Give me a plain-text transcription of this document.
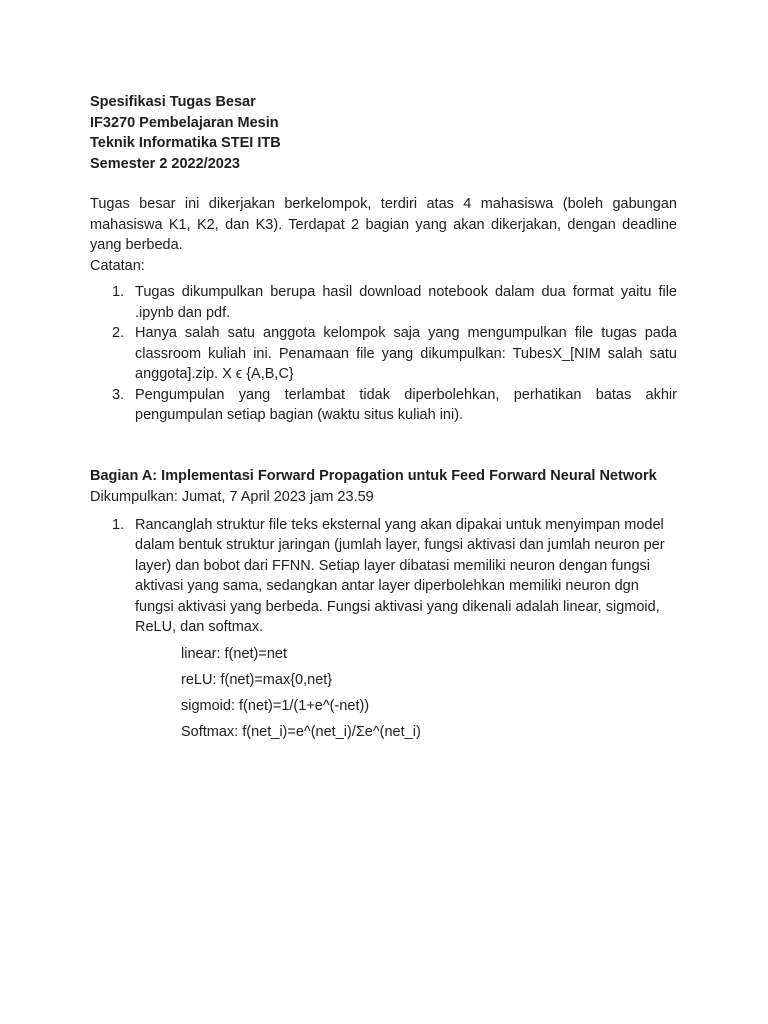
Spesifikasi Tugas Besar
IF3270 Pembelajaran Mesin
Teknik Informatika STEI ITB
Semester 2 2022/2023

Tugas besar ini dikerjakan berkelompok, terdiri atas 4 mahasiswa (boleh gabungan mahasiswa K1, K2, dan K3). Terdapat 2 bagian yang akan dikerjakan, dengan deadline yang berbeda.

Catatan:

1. Tugas dikumpulkan berupa hasil download notebook dalam dua format yaitu file .ipynb dan pdf.
2. Hanya salah satu anggota kelompok saja yang mengumpulkan file tugas pada classroom kuliah ini. Penamaan file yang dikumpulkan: TubesX_[NIM salah satu anggota].zip. X ϵ {A,B,C}
3. Pengumpulan yang terlambat tidak diperbolehkan, perhatikan batas akhir pengumpulan setiap bagian (waktu situs kuliah ini).

Bagian A: Implementasi Forward Propagation untuk Feed Forward Neural Network

Dikumpulkan: Jumat, 7 April 2023 jam 23.59

1. Rancanglah struktur file teks eksternal yang akan dipakai untuk menyimpan model dalam bentuk struktur jaringan (jumlah layer, fungsi aktivasi dan jumlah neuron per layer) dan bobot dari FFNN. Setiap layer dibatasi memiliki neuron dengan fungsi aktivasi yang sama, sedangkan antar layer diperbolehkan memiliki neuron dgn fungsi aktivasi yang berbeda. Fungsi aktivasi yang dikenali adalah linear, sigmoid, ReLU, dan softmax.
linear: f(net)=net
reLU: f(net)=max{0,net}
sigmoid: f(net)=1/(1+e^(-net))
Softmax: f(net_i)=e^(net_i)/Σe^(net_i)
